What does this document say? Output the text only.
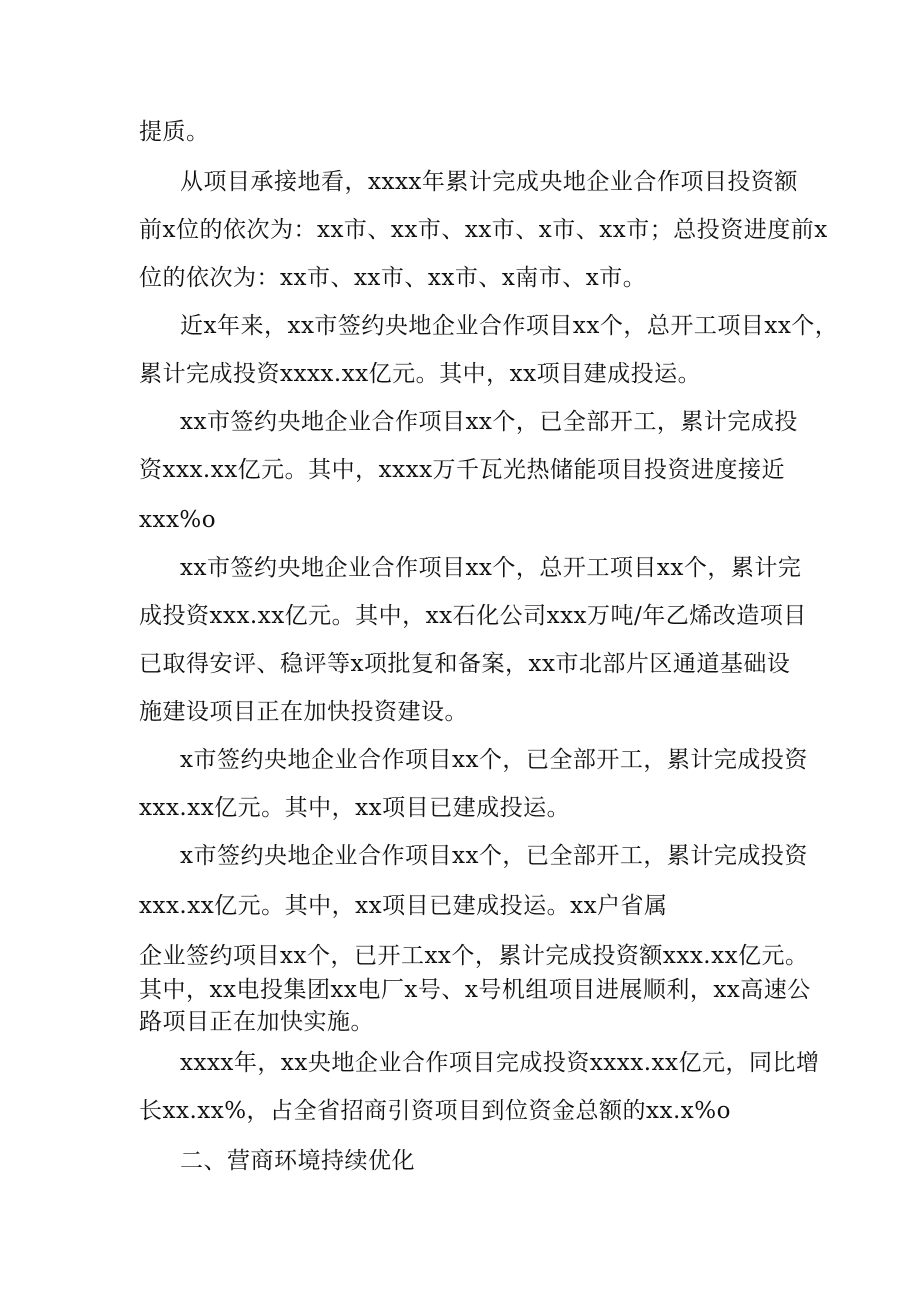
提质。

从项目承接地看，xxxx年累计完成央地企业合作项目投资额

前x位的依次为：xx市、xx市、xx市、x市、xx市；总投资进度前x

位的依次为：xx市、xx市、xx市、x南市、x市。

近x年来，xx市签约央地企业合作项目xx个，总开工项目xx个，

累计完成投资xxxx.xx亿元。其中，xx项目建成投运。

xx市签约央地企业合作项目xx个，已全部开工，累计完成投

资xxx.xx亿元。其中，xxxx万千瓦光热储能项目投资进度接近

xxx%o

xx市签约央地企业合作项目xx个，总开工项目xx个，累计完

成投资xxx.xx亿元。其中，xx石化公司xxx万吨/年乙烯改造项目

已取得安评、稳评等x项批复和备案，xx市北部片区通道基础设

施建设项目正在加快投资建设。

x市签约央地企业合作项目xx个，已全部开工，累计完成投资

xxx.xx亿元。其中，xx项目已建成投运。

x市签约央地企业合作项目xx个，已全部开工，累计完成投资

xxx.xx亿元。其中，xx项目已建成投运。xx户省属

企业签约项目xx个，已开工xx个，累计完成投资额xxx.xx亿元。

其中，xx电投集团xx电厂x号、x号机组项目进展顺利，xx高速公

路项目正在加快实施。

xxxx年，xx央地企业合作项目完成投资xxxx.xx亿元，同比增

长xx.xx%，占全省招商引资项目到位资金总额的xx.x%o

二、营商环境持续优化
